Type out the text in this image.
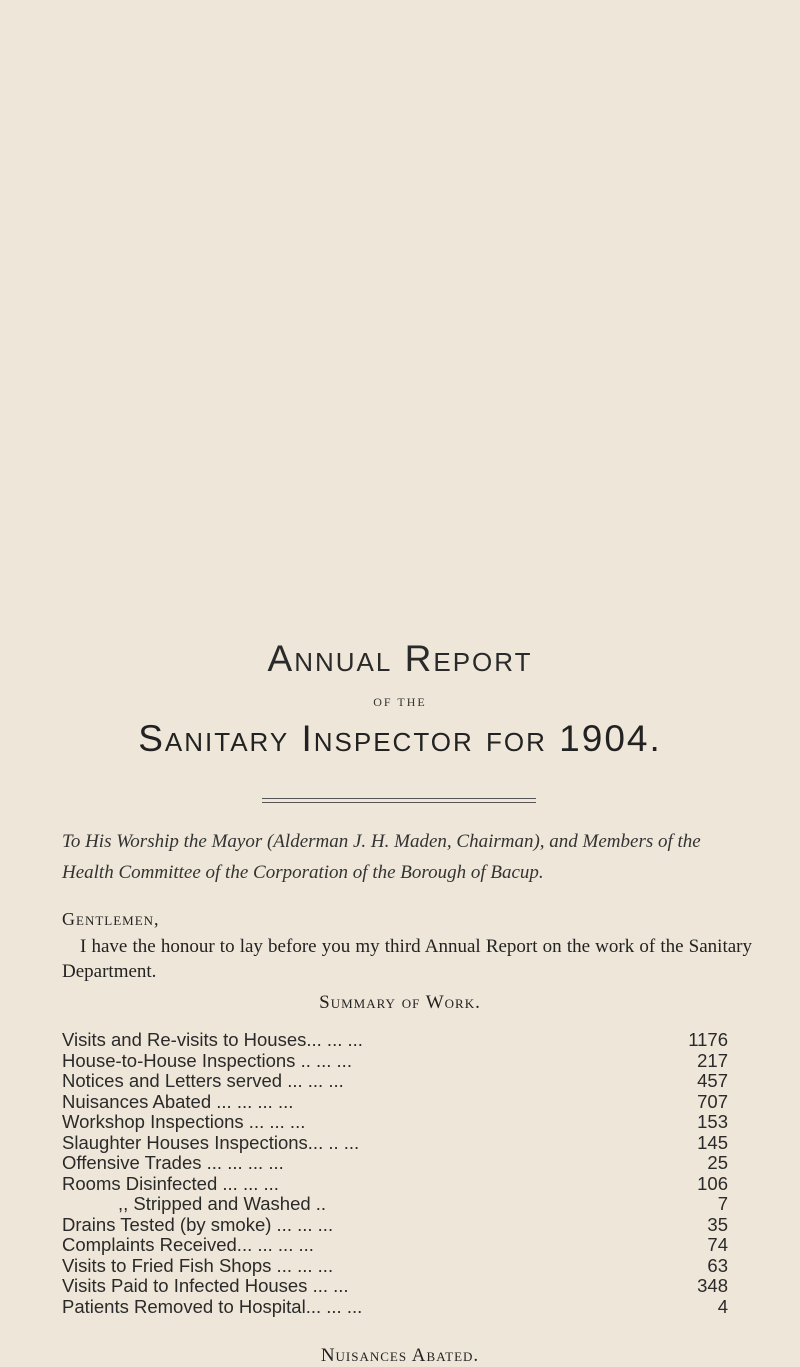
Annual Report
OF THE
Sanitary Inspector for 1904.
To His Worship the Mayor (Alderman J. H. Maden, Chairman), and Members of the Health Committee of the Corporation of the Borough of Bacup.
Gentlemen,
I have the honour to lay before you my third Annual Report on the work of the Sanitary Department.
Summary of Work.
Visits and Re-visits to Houses... ... ...	1176
House-to-House Inspections .. ... ...	217
Notices and Letters served ... ... ...	457
Nuisances Abated ... ... ... ...	707
Workshop Inspections ... ... ...	153
Slaughter Houses Inspections... .. ...	145
Offensive Trades ... ... ... ...	25
Rooms Disinfected ... ... ...	106
,, Stripped and Washed ..	7
Drains Tested (by smoke) ... ... ...	35
Complaints Received... ... ... ...	74
Visits to Fried Fish Shops ... ... ...	63
Visits Paid to Infected Houses ... ...	348
Patients Removed to Hospital... ... ...	4
Nuisances Abated.
